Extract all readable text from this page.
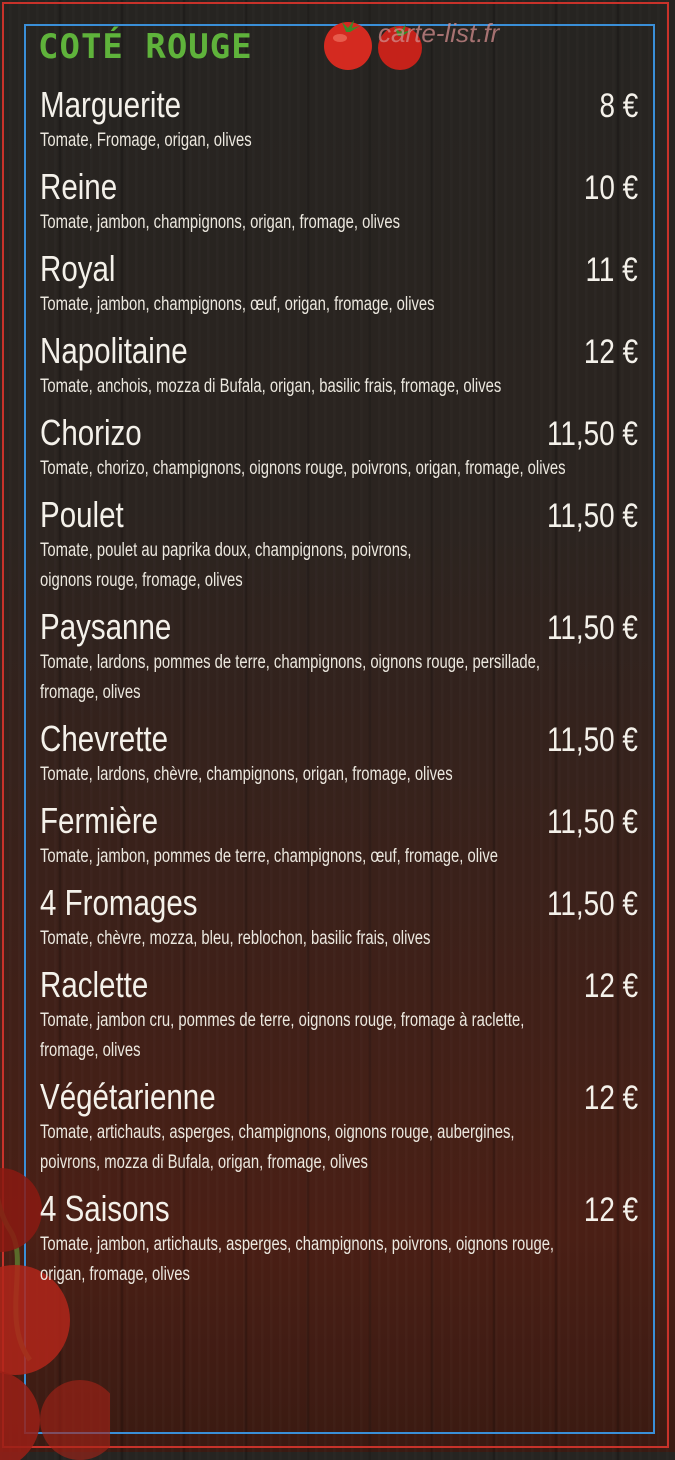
COTÉ ROUGE	carte-list.fr
Marguerite	8 €
Tomate, Fromage, origan, olives
Reine	10 €
Tomate, jambon, champignons, origan, fromage, olives
Royal	11 €
Tomate, jambon, champignons, œuf, origan, fromage, olives
Napolitaine	12 €
Tomate, anchois, mozza di Bufala, origan, basilic frais, fromage, olives
Chorizo	11,50 €
Tomate, chorizo, champignons, oignons rouge, poivrons, origan, fromage, olives
Poulet	11,50 €
Tomate, poulet au paprika doux, champignons, poivrons,
oignons rouge, fromage, olives
Paysanne	11,50 €
Tomate, lardons, pommes de terre, champignons, oignons rouge, persillade,
fromage, olives
Chevrette	11,50 €
Tomate, lardons, chèvre, champignons, origan, fromage, olives
Fermière	11,50 €
Tomate, jambon, pommes de terre, champignons, œuf, fromage, olive
4 Fromages	11,50 €
Tomate, chèvre, mozza, bleu, reblochon, basilic frais, olives
Raclette	12 €
Tomate, jambon cru, pommes de terre, oignons rouge, fromage à raclette,
fromage, olives
Végétarienne	12 €
Tomate, artichauts, asperges, champignons, oignons rouge, aubergines,
poivrons, mozza di Bufala, origan, fromage, olives
4 Saisons	12 €
Tomate, jambon, artichauts, asperges, champignons, poivrons, oignons rouge,
origan, fromage, olives
